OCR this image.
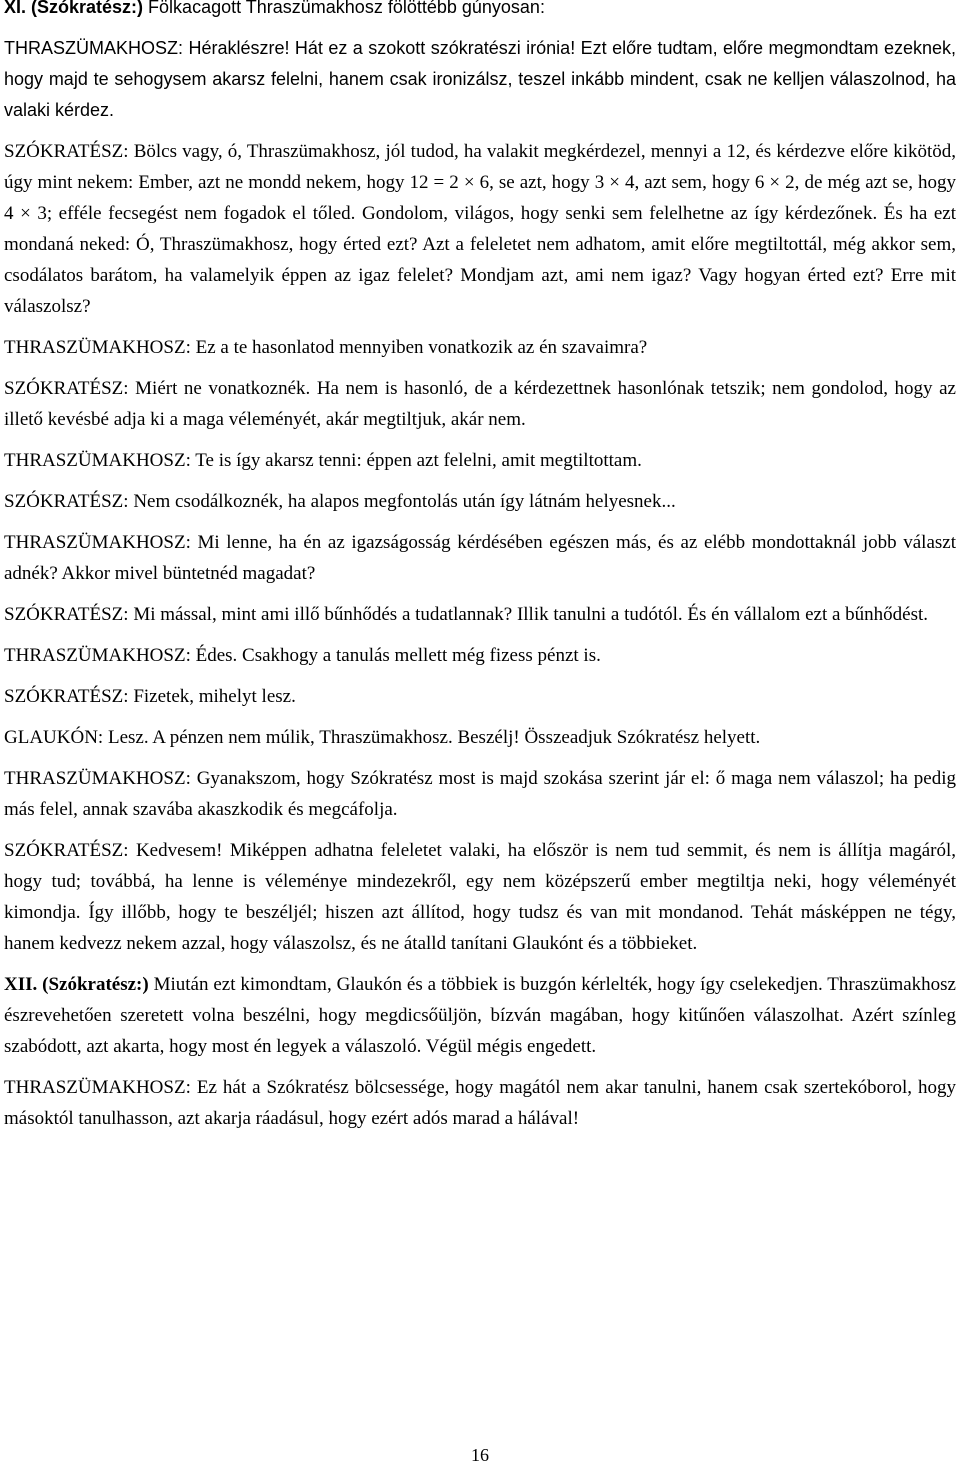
XI. (Szókratész:) Fölkacagott Thraszümakhosz fölöttébb gúnyosan:

THRASZÜMAKHOSZ: Héraklészre! Hát ez a szokott szókratészi irónia! Ezt előre tudtam, előre megmondtam ezeknek, hogy majd te sehogysem akarsz felelni, hanem csak ironizálsz, teszel inkább mindent, csak ne kelljen válaszolnod, ha valaki kérdez.

SZÓKRATÉSZ: Bölcs vagy, ó, Thraszümakhosz, jól tudod, ha valakit megkérdezel, mennyi a 12, és kérdezve előre kikötöd, úgy mint nekem: Ember, azt ne mondd nekem, hogy 12 = 2 × 6, se azt, hogy 3 × 4, azt sem, hogy 6 × 2, de még azt se, hogy 4 × 3; efféle fecsegést nem fogadok el tőled. Gondolom, világos, hogy senki sem felelhetne az így kérdezőnek. És ha ezt mondaná neked: Ó, Thraszümakhosz, hogy érted ezt? Azt a feleletet nem adhatom, amit előre megtiltottál, még akkor sem, csodálatos barátom, ha valamelyik éppen az igaz felelet? Mondjam azt, ami nem igaz? Vagy hogyan érted ezt? Erre mit válaszolsz?

THRASZÜMAKHOSZ: Ez a te hasonlatod mennyiben vonatkozik az én szavaimra?

SZÓKRATÉSZ: Miért ne vonatkoznék. Ha nem is hasonló, de a kérdezettnek hasonlónak tetszik; nem gondolod, hogy az illető kevésbé adja ki a maga véleményét, akár megtiltjuk, akár nem.

THRASZÜMAKHOSZ: Te is így akarsz tenni: éppen azt felelni, amit megtiltottam.

SZÓKRATÉSZ: Nem csodálkoznék, ha alapos megfontolás után így látnám helyesnek...

THRASZÜMAKHOSZ: Mi lenne, ha én az igazságosság kérdésében egészen más, és az elébb mondottaknál jobb választ adnék? Akkor mivel büntetnéd magadat?

SZÓKRATÉSZ: Mi mással, mint ami illő bűnhődés a tudatlannak? Illik tanulni a tudótól. És én vállalom ezt a bűnhődést.

THRASZÜMAKHOSZ: Édes. Csakhogy a tanulás mellett még fizess pénzt is.

SZÓKRATÉSZ: Fizetek, mihelyt lesz.

GLAUKÓN: Lesz. A pénzen nem múlik, Thraszümakhosz. Beszélj! Összeadjuk Szókratész helyett.

THRASZÜMAKHOSZ: Gyanakszom, hogy Szókratész most is majd szokása szerint jár el: ő maga nem válaszol; ha pedig más felel, annak szavába akaszkodik és megcáfolja.

SZÓKRATÉSZ: Kedvesem! Miképpen adhatna feleletet valaki, ha először is nem tud semmit, és nem is állítja magáról, hogy tud; továbbá, ha lenne is véleménye mindezekről, egy nem középszerű ember megtiltja neki, hogy véleményét kimondja. Így illőbb, hogy te beszéljél; hiszen azt állítod, hogy tudsz és van mit mondanod. Tehát másképpen ne tégy, hanem kedvezz nekem azzal, hogy válaszolsz, és ne átalld tanítani Glaukónt és a többieket.

XII. (Szókratész:) Miután ezt kimondtam, Glaukón és a többiek is buzgón kérlelték, hogy így cselekedjen. Thraszümakhosz észrevehetően szeretett volna beszélni, hogy megdicsőüljön, bízván magában, hogy kitűnően válaszolhat. Azért színleg szabódott, azt akarta, hogy most én legyek a válaszoló. Végül mégis engedett.

THRASZÜMAKHOSZ: Ez hát a Szókratész bölcsessége, hogy magától nem akar tanulni, hanem csak szertekóborol, hogy másoktól tanulhasson, azt akarja ráadásul, hogy ezért adós marad a hálával!

16
